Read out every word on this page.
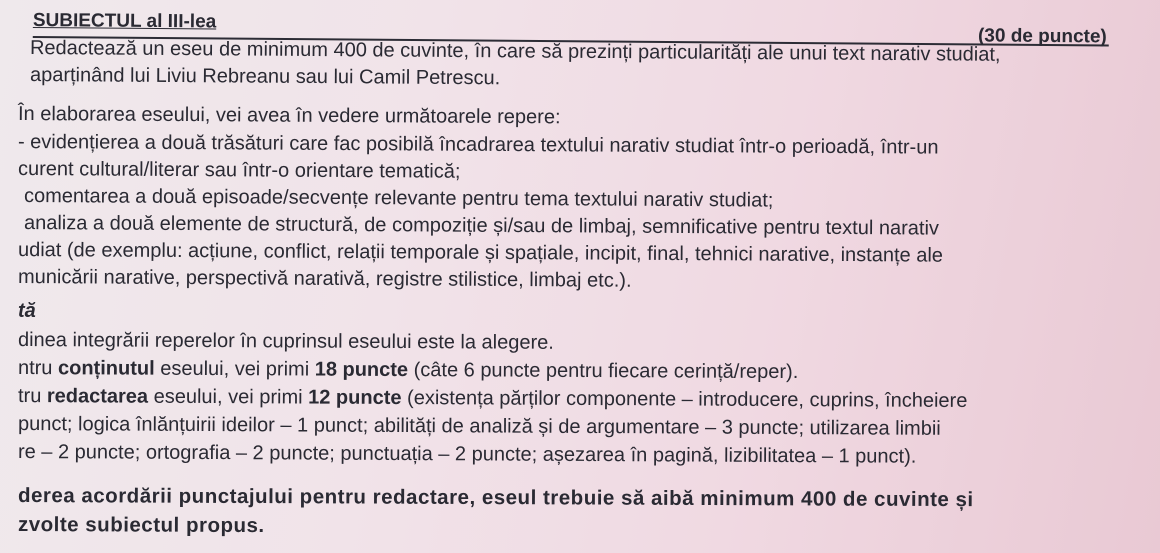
SUBIECTUL al III-lea
(30 de puncte)
Redactează un eseu de minimum 400 de cuvinte, în care să prezinți particularități ale unui text narativ studiat,
aparținând lui Liviu Rebreanu sau lui Camil Petrescu.
În elaborarea eseului, vei avea în vedere următoarele repere:
- evidențierea a două trăsături care fac posibilă încadrarea textului narativ studiat într-o perioadă, într-un
curent cultural/literar sau într-o orientare tematică;
comentarea a două episoade/secvențe relevante pentru tema textului narativ studiat;
analiza a două elemente de structură, de compoziție și/sau de limbaj, semnificative pentru textul narativ
udiat (de exemplu: acțiune, conflict, relații temporale și spațiale, incipit, final, tehnici narative, instanțe ale
municării narative, perspectivă narativă, registre stilistice, limbaj etc.).
tă
dinea integrării reperelor în cuprinsul eseului este la alegere.
ntru conținutul eseului, vei primi 18 puncte (câte 6 puncte pentru fiecare cerință/reper).
tru redactarea eseului, vei primi 12 puncte (existența părților componente – introducere, cuprins, încheiere
punct; logica înlănțuirii ideilor – 1 punct; abilități de analiză și de argumentare – 3 puncte; utilizarea limbii
re – 2 puncte; ortografia – 2 puncte; punctuația – 2 puncte; așezarea în pagină, lizibilitatea – 1 punct).
derea acordării punctajului pentru redactare, eseul trebuie să aibă minimum 400 de cuvinte și
zvolte subiectul propus.
